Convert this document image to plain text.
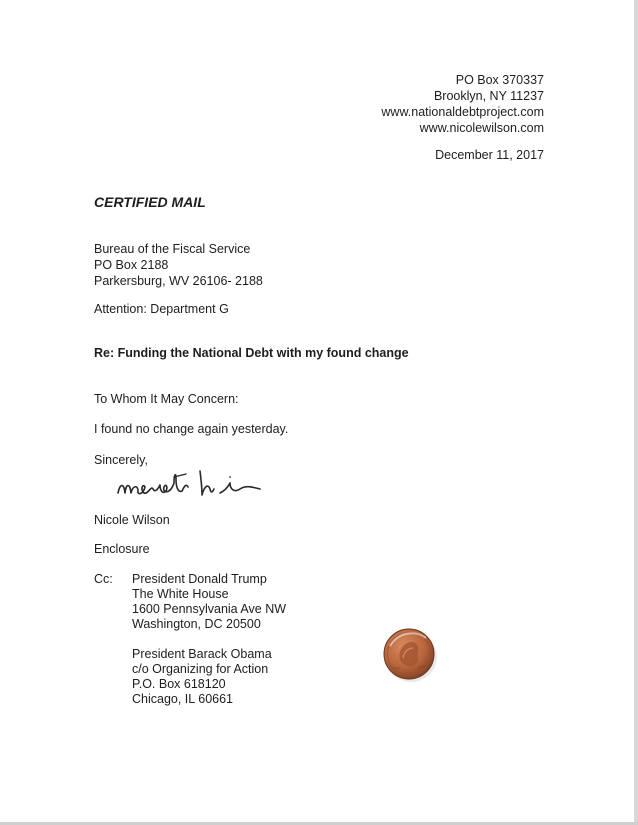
PO Box 370337
Brooklyn, NY 11237
www.nationaldebtproject.com
www.nicolewilson.com
December 11, 2017
CERTIFIED MAIL
Bureau of the Fiscal Service
PO Box 2188
Parkersburg, WV 26106- 2188
Attention: Department G
Re: Funding the National Debt with my found change
To Whom It May Concern:
I found no change again yesterday.
Sincerely,
Nicole Wilson
Enclosure
Cc: President Donald Trump
The White House
1600 Pennsylvania Ave NW
Washington, DC 20500
President Barack Obama
c/o Organizing for Action
P.O. Box 618120
Chicago, IL 60661
